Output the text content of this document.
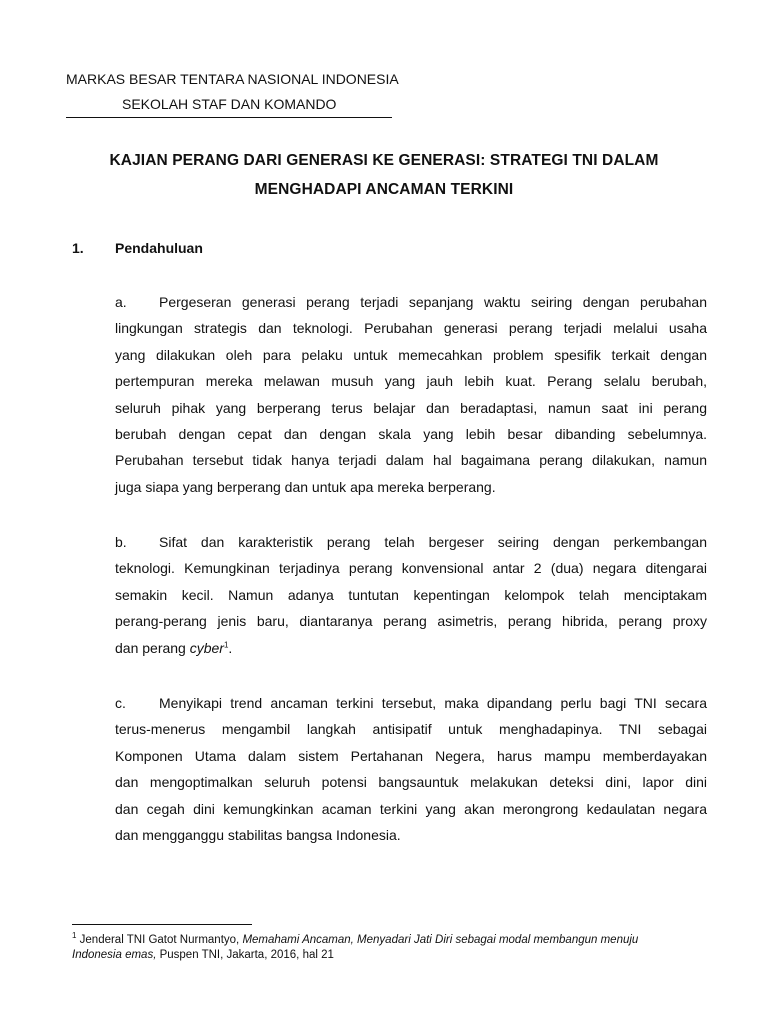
MARKAS BESAR TENTARA NASIONAL INDONESIA
SEKOLAH STAF DAN KOMANDO
KAJIAN PERANG DARI GENERASI KE GENERASI: STRATEGI TNI DALAM
MENGHADAPI ANCAMAN TERKINI
1. Pendahuluan
a. Pergeseran generasi perang terjadi sepanjang waktu seiring dengan perubahan
lingkungan strategis dan teknologi. Perubahan generasi perang terjadi melalui usaha
yang dilakukan oleh para pelaku untuk memecahkan problem spesifik terkait dengan
pertempuran mereka melawan musuh yang jauh lebih kuat. Perang selalu berubah,
seluruh pihak yang berperang terus belajar dan beradaptasi, namun saat ini perang
berubah dengan cepat dan dengan skala yang lebih besar dibanding sebelumnya.
Perubahan tersebut tidak hanya terjadi dalam hal bagaimana perang dilakukan, namun
juga siapa yang berperang dan untuk apa mereka berperang.
b. Sifat dan karakteristik perang telah bergeser seiring dengan perkembangan
teknologi. Kemungkinan terjadinya perang konvensional antar 2 (dua) negara ditengarai
semakin kecil. Namun adanya tuntutan kepentingan kelompok telah menciptakam
perang-perang jenis baru, diantaranya perang asimetris, perang hibrida, perang proxy
dan perang cyber$^1$.
c. Menyikapi trend ancaman terkini tersebut, maka dipandang perlu bagi TNI secara
terus-menerus mengambil langkah antisipatif untuk menghadapinya. TNI sebagai
Komponen Utama dalam sistem Pertahanan Negera, harus mampu memberdayakan
dan mengoptimalkan seluruh potensi bangsauntuk melakukan deteksi dini, lapor dini
dan cegah dini kemungkinkan acaman terkini yang akan merongrong kedaulatan negara
dan mengganggu stabilitas bangsa Indonesia.
$^1$ Jenderal TNI Gatot Nurmantyo, Memahami Ancaman, Menyadari Jati Diri sebagai modal membangun menuju
Indonesia emas, Puspen TNI, Jakarta, 2016, hal 21
